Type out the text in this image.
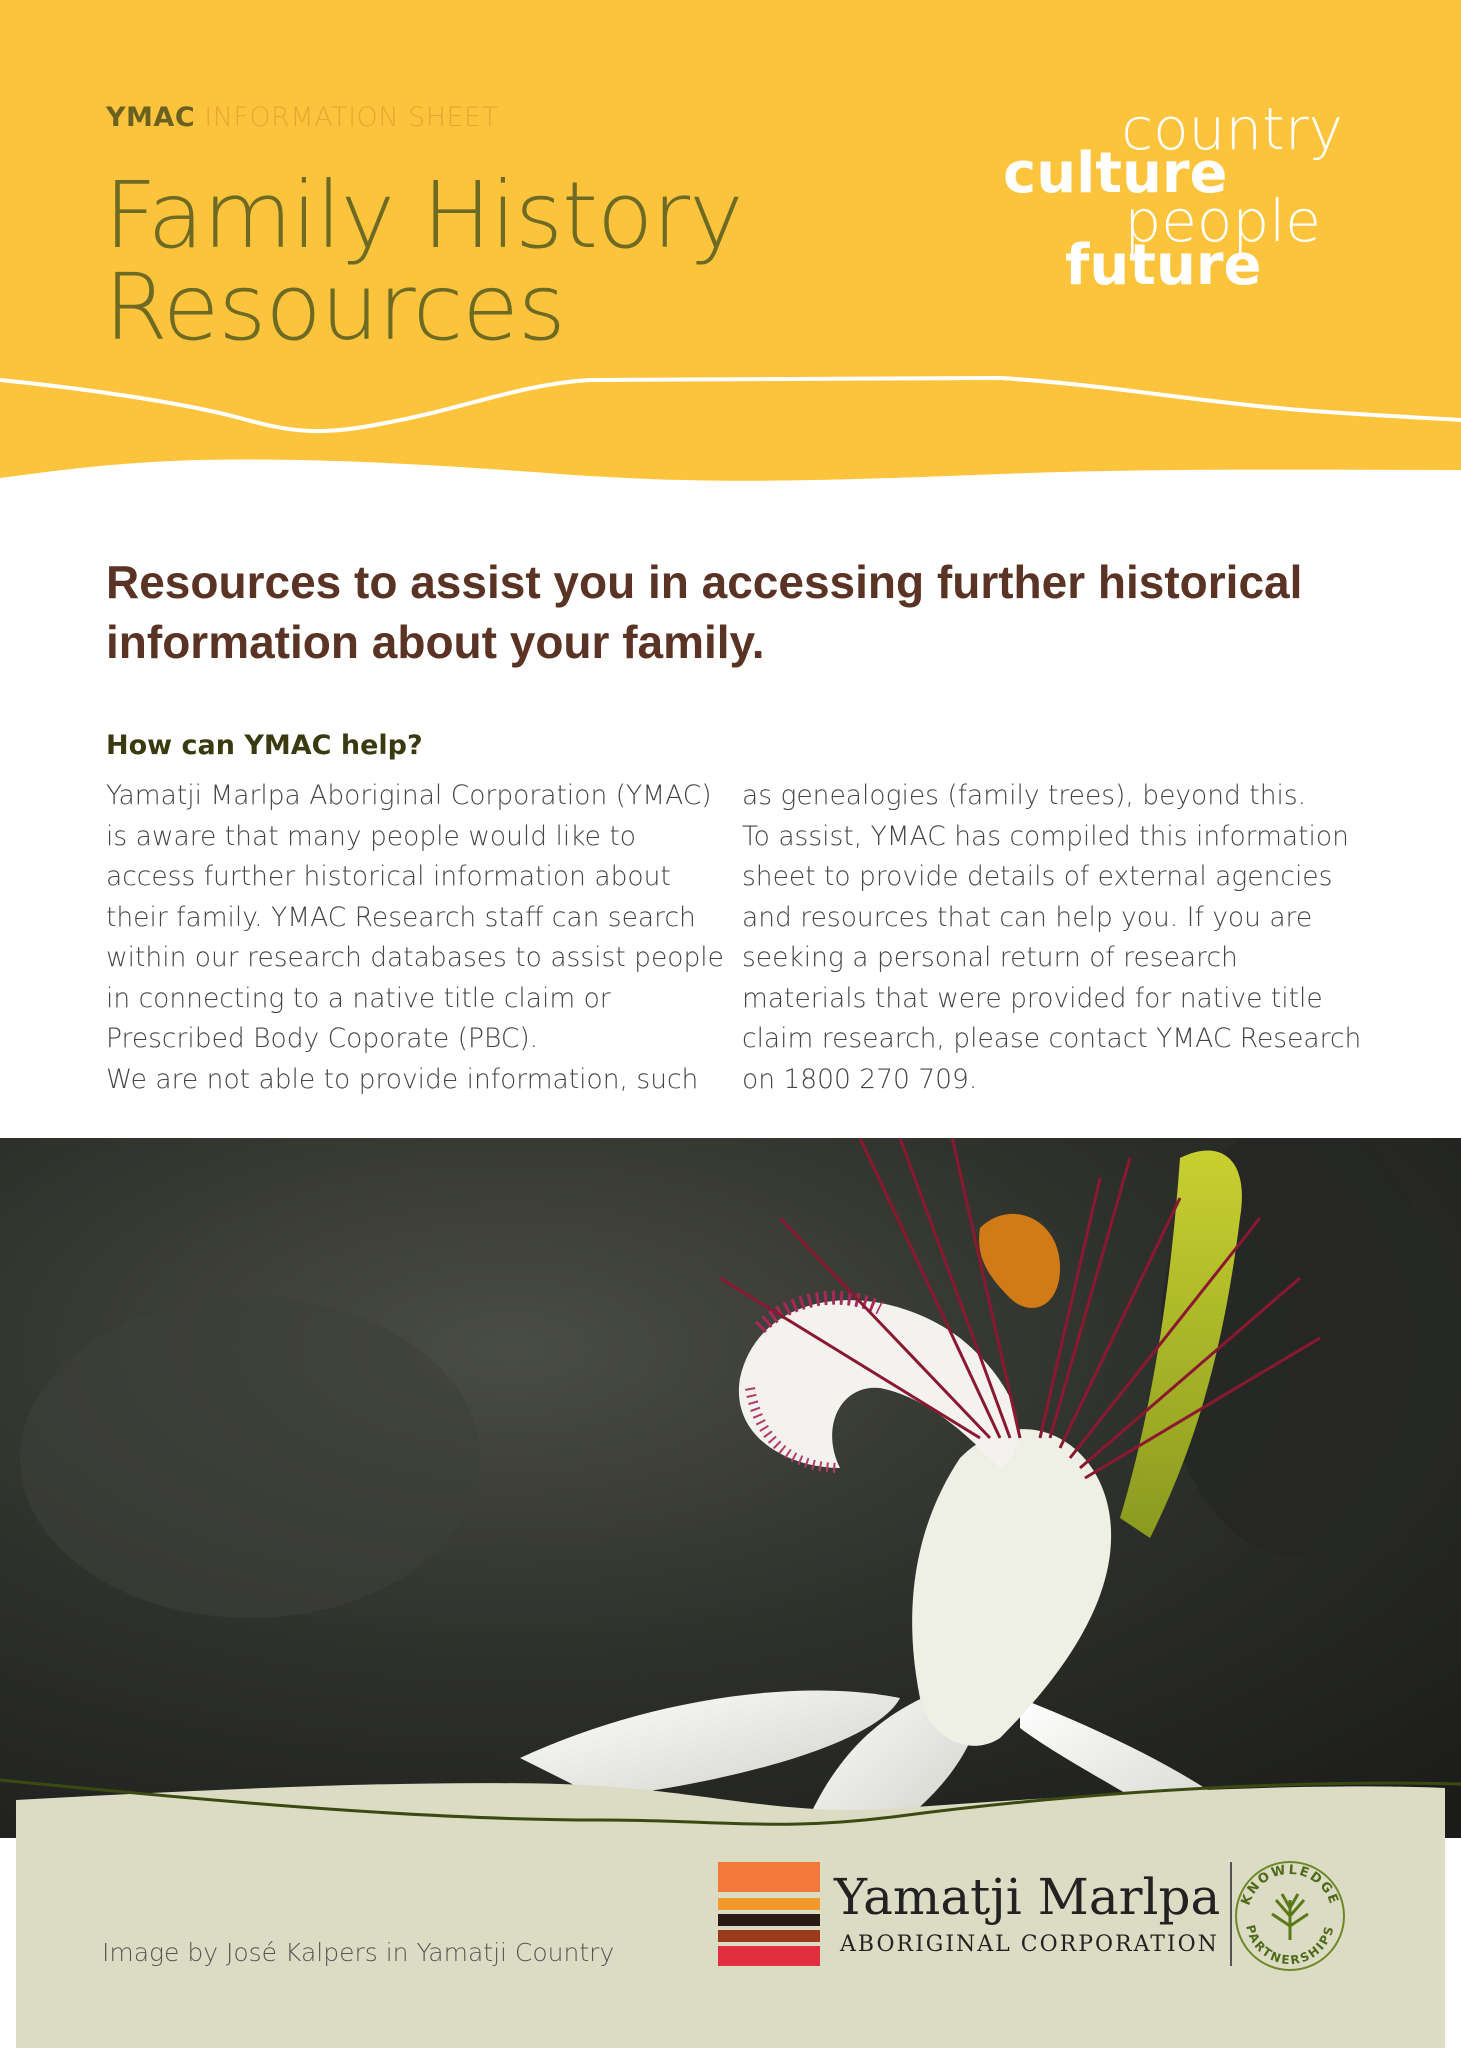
YMAC INFORMATION SHEET
Family History
Resources
country
culture
people
future
Resources to assist you in accessing further historical information about your family.
How can YMAC help?

Yamatji Marlpa Aboriginal Corporation (YMAC) is aware that many people would like to access further historical information about their family. YMAC Research staff can search within our research databases to assist people in connecting to a native title claim or Prescribed Body Coporate (PBC).

We are not able to provide information, such

as genealogies (family trees), beyond this.

To assist, YMAC has compiled this information sheet to provide details of external agencies and resources that can help you. If you are seeking a personal return of research materials that were provided for native title claim research, please contact YMAC Research on 1800 270 709.

Image by José Kalpers in Yamatji Country
Yamatji Marlpa
ABORIGINAL CORPORATION
KNOWLEDGE
PARTNERSHIPS
